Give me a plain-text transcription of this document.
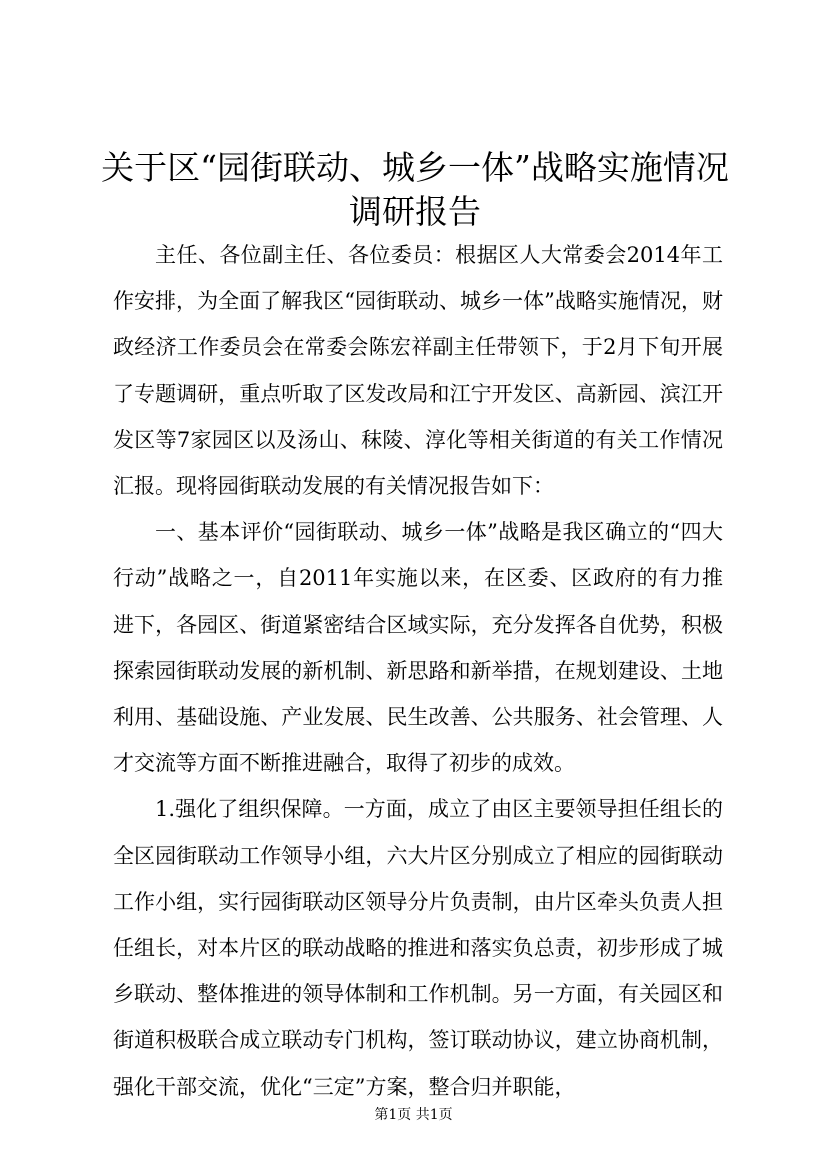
关于区“园街联动、城乡一体”战略实施情况
调研报告

主任、各位副主任、各位委员：根据区人大常委会2014年工作安排，为全面了解我区“园街联动、城乡一体”战略实施情况，财政经济工作委员会在常委会陈宏祥副主任带领下，于2月下旬开展了专题调研，重点听取了区发改局和江宁开发区、高新园、滨江开发区等7家园区以及汤山、秣陵、淳化等相关街道的有关工作情况汇报。现将园街联动发展的有关情况报告如下：

一、基本评价“园街联动、城乡一体”战略是我区确立的“四大行动”战略之一，自2011年实施以来，在区委、区政府的有力推进下，各园区、街道紧密结合区域实际，充分发挥各自优势，积极探索园街联动发展的新机制、新思路和新举措，在规划建设、土地利用、基础设施、产业发展、民生改善、公共服务、社会管理、人才交流等方面不断推进融合，取得了初步的成效。

1.强化了组织保障。一方面，成立了由区主要领导担任组长的全区园街联动工作领导小组，六大片区分别成立了相应的园街联动工作小组，实行园街联动区领导分片负责制，由片区牵头负责人担任组长，对本片区的联动战略的推进和落实负总责，初步形成了城乡联动、整体推进的领导体制和工作机制。另一方面，有关园区和街道积极联合成立联动专门机构，签订联动协议，建立协商机制，强化干部交流，优化“三定”方案，整合归并职能，

第1页 共1页
